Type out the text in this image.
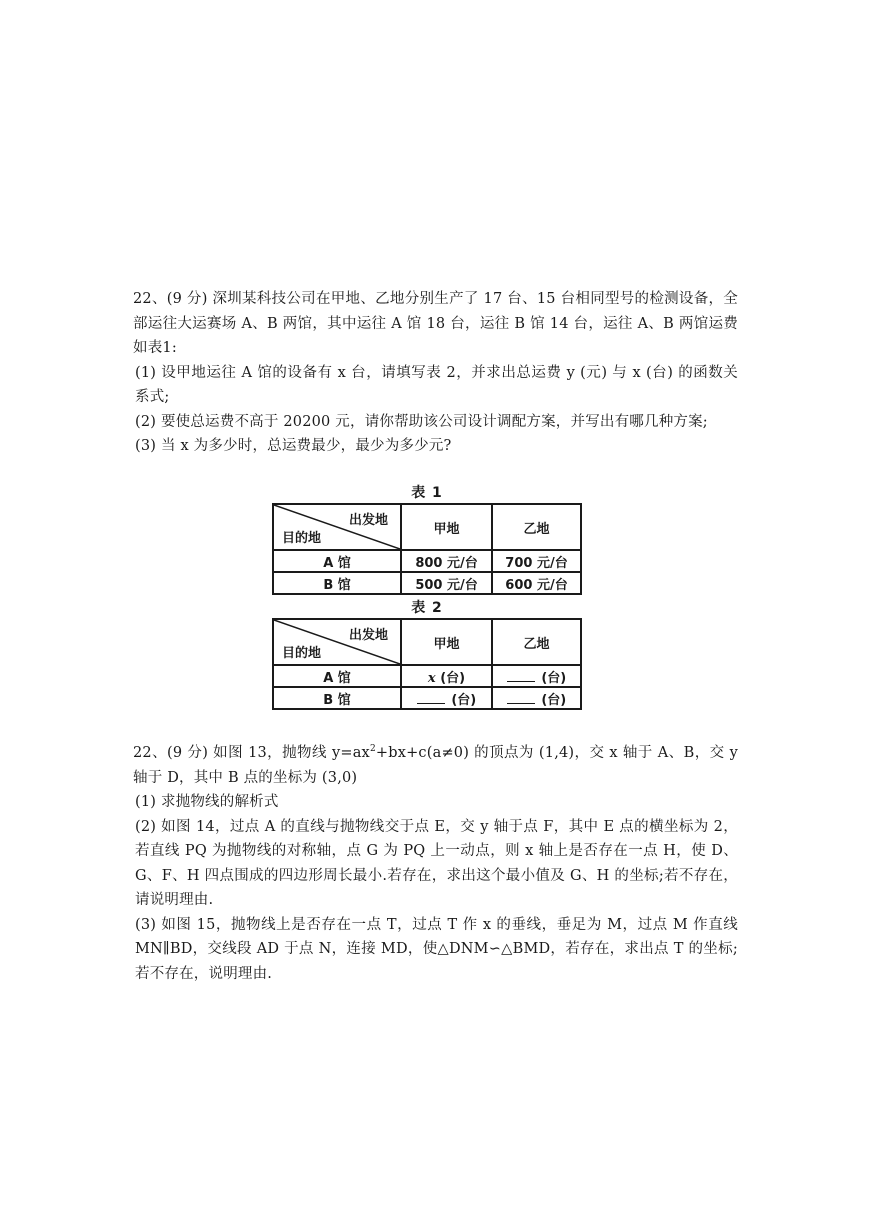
22、(9 分) 深圳某科技公司在甲地、乙地分别生产了 17 台、15 台相同型号的检测设备，全部运往大运赛场 A、B 两馆，其中运往 A 馆 18 台，运往 B 馆 14 台，运往 A、B 两馆运费如表1:

(1) 设甲地运往 A 馆的设备有 x 台，请填写表 2，并求出总运费 y (元) 与 x (台) 的函数关系式;

(2) 要使总运费不高于 20200 元，请你帮助该公司设计调配方案，并写出有哪几种方案;

(3) 当 x 为多少时，总运费最少，最少为多少元?

表 1
出发地
目的地	甲地	乙地
A 馆	800 元/台	700 元/台
B 馆	500 元/台	600 元/台
表 2
出发地
目的地	甲地	乙地
A 馆	x (台)	(台)
B 馆	(台)	(台)

22、(9 分) 如图 13，抛物线 $y=ax^2+bx+c(a\ne 0)$ 的顶点为 (1,4)，交 x 轴于 A、B，交 y 轴于 D，其中 B 点的坐标为 (3,0)

(1) 求抛物线的解析式

(2) 如图 14，过点 A 的直线与抛物线交于点 E，交 y 轴于点 F，其中 E 点的横坐标为 2，若直线 PQ 为抛物线的对称轴，点 G 为 PQ 上一动点，则 x 轴上是否存在一点 H，使 D、G、F、H 四点围成的四边形周长最小.若存在，求出这个最小值及 G、H 的坐标;若不存在，请说明理由.

(3) 如图 15，抛物线上是否存在一点 T，过点 T 作 x 的垂线，垂足为 M，过点 M 作直线 MN∥BD，交线段 AD 于点 N，连接 MD，使△DNM∽△BMD，若存在，求出点 T 的坐标;若不存在，说明理由.
